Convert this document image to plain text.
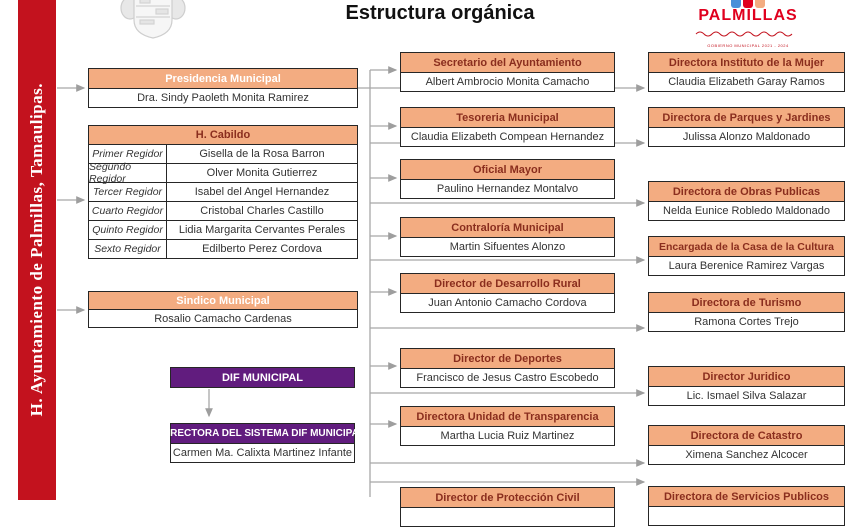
H. Ayuntamiento de Palmillas, Tamaulipas.
Estructura orgánica	PALMILLAS
GOBIERNO MUNICIPAL 2021 - 2024
Presidencia Municipal
Dra. Sindy Paoleth Monita Ramirez
H. Cabildo
Primer Regidor	Gisella de la Rosa Barron
Segundo Regidor	Olver Monita Gutierrez
Tercer Regidor	Isabel del Angel Hernandez
Cuarto Regidor	Cristobal Charles Castillo
Quinto Regidor	Lidia Margarita Cervantes Perales
Sexto Regidor	Edilberto Perez Cordova
Sindico Municipal
Rosalio Camacho Cardenas
DIF MUNICIPAL
DIRECTORA DEL SISTEMA DIF MUNICIPAL
Carmen Ma. Calixta Martinez Infante
Secretario del Ayuntamiento
Albert Ambrocio Monita Camacho
Tesoreria Municipal
Claudia Elizabeth Compean Hernandez
Oficial Mayor
Paulino Hernandez Montalvo
Contraloría Municipal
Martin Sifuentes Alonzo
Director de Desarrollo Rural
Juan Antonio Camacho Cordova
Director de Deportes
Francisco de Jesus Castro Escobedo
Directora Unidad de Transparencia
Martha Lucia Ruiz Martinez
Director de Protección Civil
Directora Instituto de la Mujer
Claudia Elizabeth Garay Ramos
Directora de Parques y Jardines
Julissa Alonzo Maldonado
Directora de Obras Publicas
Nelda Eunice Robledo Maldonado
Encargada de la Casa de la Cultura
Laura Berenice Ramirez Vargas
Directora de Turismo
Ramona Cortes Trejo
Director Juridico
Lic. Ismael Silva Salazar
Directora de Catastro
Ximena Sanchez Alcocer
Directora de Servicios Publicos
